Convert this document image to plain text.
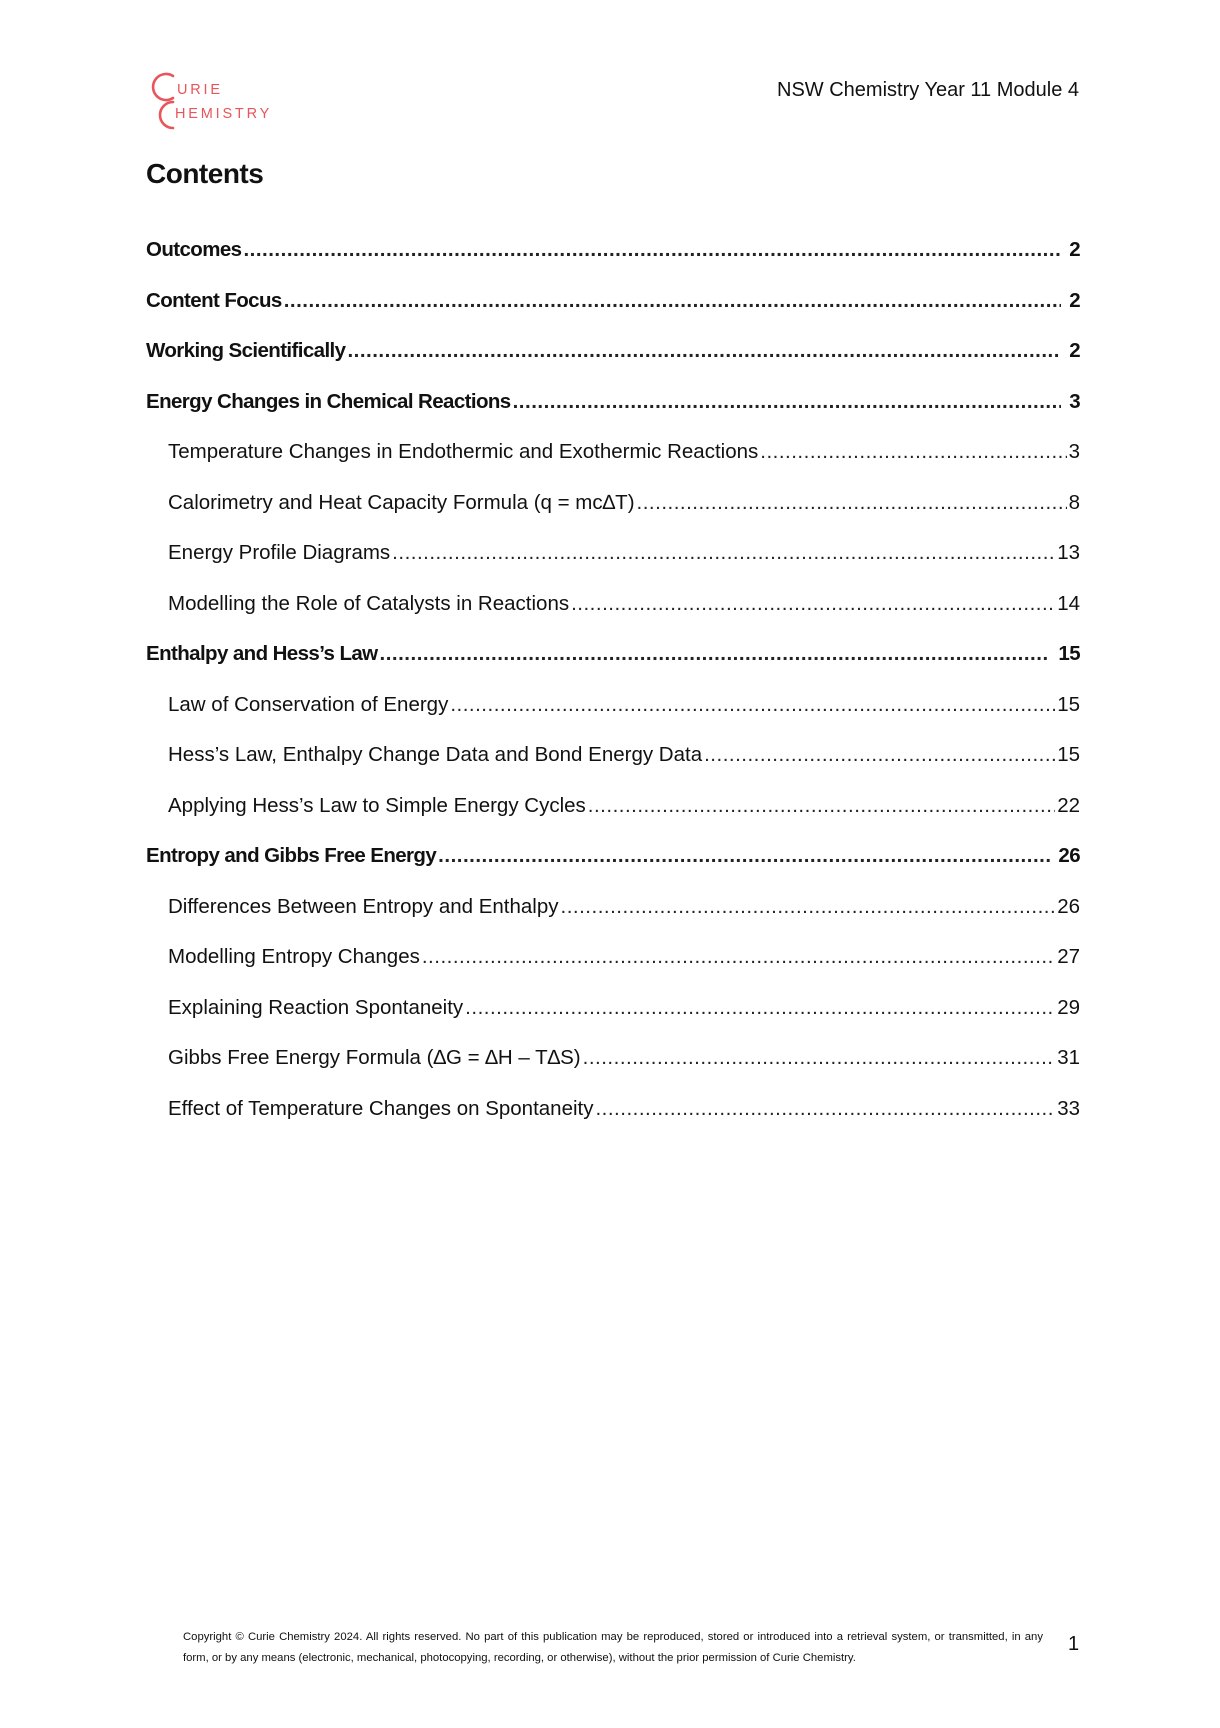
URIE
HEMISTRY
NSW Chemistry Year 11 Module 4
Contents
Outcomes .....	2
Content Focus .....	2
Working Scientifically .....	2
Energy Changes in Chemical Reactions .....	3
Temperature Changes in Endothermic and Exothermic Reactions .....	3
Calorimetry and Heat Capacity Formula (q = mc∆T) .....	8
Energy Profile Diagrams .....	13
Modelling the Role of Catalysts in Reactions .....	14
Enthalpy and Hess’s Law .....	15
Law of Conservation of Energy .....	15
Hess’s Law, Enthalpy Change Data and Bond Energy Data .....	15
Applying Hess’s Law to Simple Energy Cycles .....	22
Entropy and Gibbs Free Energy .....	26
Differences Between Entropy and Enthalpy .....	26
Modelling Entropy Changes .....	27
Explaining Reaction Spontaneity .....	29
Gibbs Free Energy Formula (∆G = ∆H – T∆S) .....	31
Effect of Temperature Changes on Spontaneity .....	33
Copyright © Curie Chemistry 2024. All rights reserved. No part of this publication may be reproduced, stored or introduced into a retrieval system, or transmitted, in any form, or by any means (electronic, mechanical, photocopying, recording, or otherwise), without the prior permission of Curie Chemistry.
1
